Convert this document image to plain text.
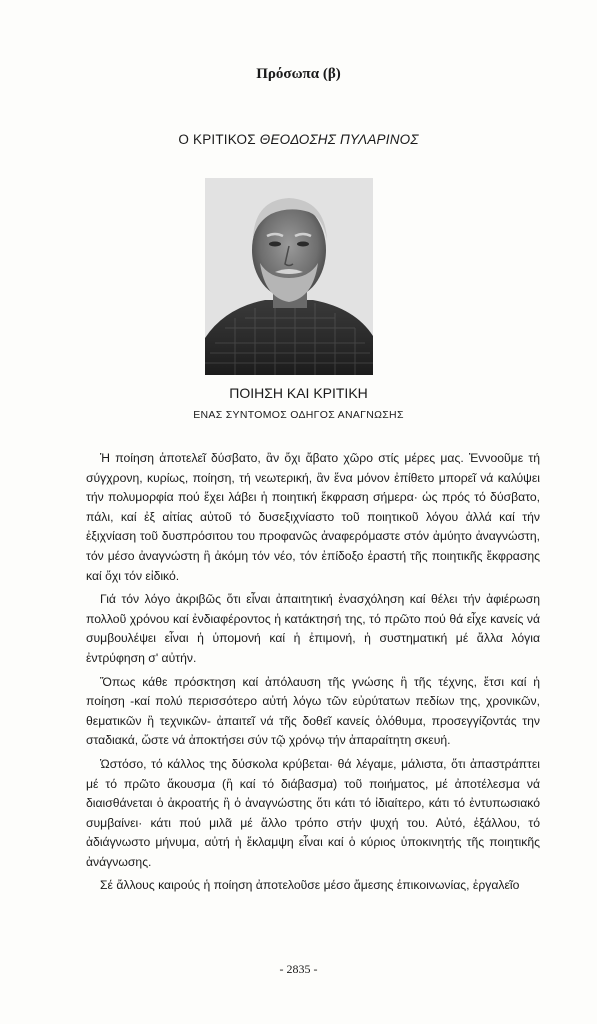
Πρόσωπα (β)
Ο ΚΡΙΤΙΚΟΣ ΘΕΟΔΟΣΗΣ ΠΥΛΑΡΙΝΟΣ
ΠΟΙΗΣΗ ΚΑΙ ΚΡΙΤΙΚΗ
ΕΝΑΣ ΣΥΝΤΟΜΟΣ ΟΔΗΓΟΣ ΑΝΑΓΝΩΣΗΣ

Ἡ ποίηση ἀποτελεῖ δύσβατο, ἂν ὄχι ἄβατο χῶρο στίς μέρες μας. Ἐννοοῦμε τή σύγχρονη, κυρίως, ποίηση, τή νεωτερική, ἂν ἕνα μόνον ἐπίθετο μπορεῖ νά καλύψει τήν πολυμορφία πού ἔχει λάβει ἡ ποιητική ἔκφραση σήμερα· ὡς πρός τό δύσβατο, πάλι, καί ἐξ αἰτίας αὐτοῦ τό δυσεξιχνίαστο τοῦ ποιητικοῦ λόγου ἀλλά καί τήν ἐξιχνίαση τοῦ δυσπρόσιτου του προφανῶς ἀναφερόμαστε στόν ἀμύητο ἀναγνώστη, τόν μέσο ἀναγνώστη ἢ ἀκόμη τόν νέο, τόν ἐπίδοξο ἐραστή τῆς ποιητικῆς ἔκφρασης καί ὄχι τόν εἰδικό.

Γιά τόν λόγο ἀκριβῶς ὅτι εἶναι ἀπαιτητική ἐνασχόληση καί θέλει τήν ἀφιέρωση πολλοῦ χρόνου καί ἐνδιαφέροντος ἡ κατάκτησή της, τό πρῶτο πού θά εἶχε κανείς νά συμβουλέψει εἶναι ἡ ὑπομονή καί ἡ ἐπιμονή, ἡ συστηματική μέ ἄλλα λόγια ἐντρύφηση σ' αὐτήν.

Ὅπως κάθε πρόσκτηση καί ἀπόλαυση τῆς γνώσης ἢ τῆς τέχνης, ἔτσι καί ἡ ποίηση -καί πολύ περισσότερο αὐτή λόγω τῶν εὐρύτατων πεδίων της, χρονικῶν, θεματικῶν ἢ τεχνικῶν- ἀπαιτεῖ νά τῆς δοθεῖ κανείς ὁλόθυμα, προσεγγίζοντάς την σταδιακά, ὥστε νά ἀποκτήσει σύν τῷ χρόνῳ τήν ἀπαραίτητη σκευή.

Ὡστόσο, τό κάλλος της δύσκολα κρύβεται· θά λέγαμε, μάλιστα, ὅτι ἀπαστράπτει μέ τό πρῶτο ἄκουσμα (ἢ καί τό διάβασμα) τοῦ ποιήματος, μέ ἀποτέλεσμα νά διαισθάνεται ὁ ἀκροατής ἢ ὁ ἀναγνώστης ὅτι κάτι τό ἰδιαίτερο, κάτι τό ἐντυπωσιακό συμβαίνει· κάτι πού μιλᾶ μέ ἄλλο τρόπο στήν ψυχή του. Αὐτό, ἐξάλλου, τό ἀδιάγνωστο μήνυμα, αὐτή ἡ ἔκλαμψη εἶναι καί ὁ κύριος ὑποκινητής τῆς ποιητικῆς ἀνάγνωσης.

Σέ ἄλλους καιρούς ἡ ποίηση ἀποτελοῦσε μέσο ἄμεσης ἐπικοινωνίας, ἐργαλεῖο

- 2835 -
